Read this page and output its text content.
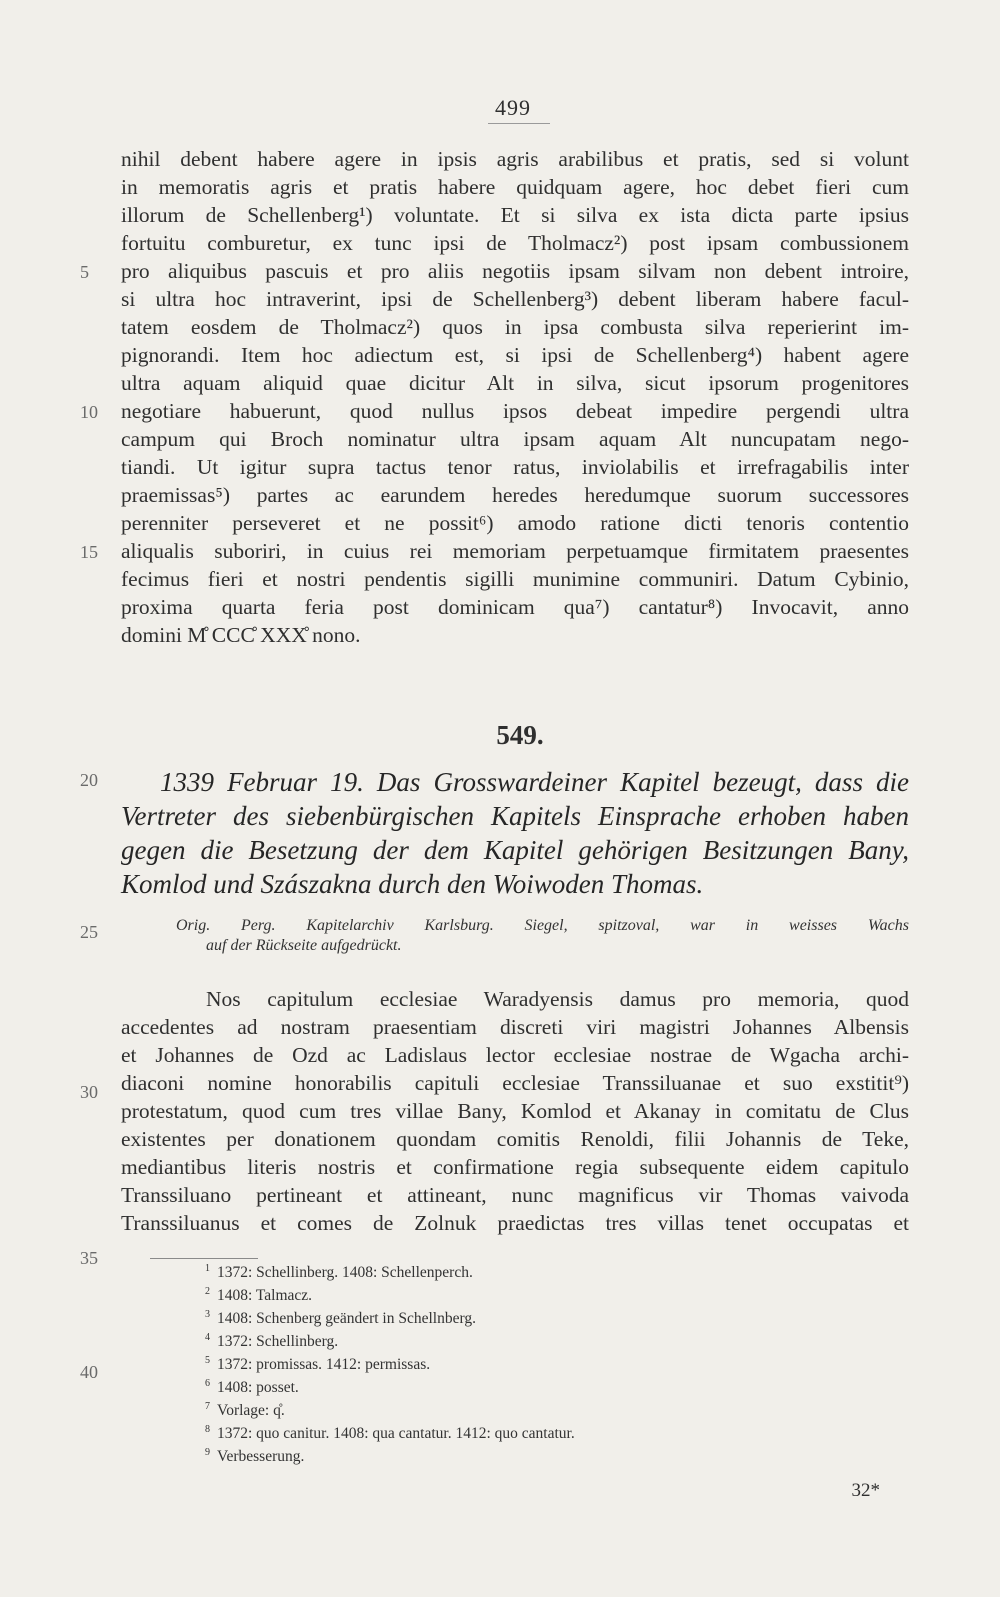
499
nihil debent habere agere in ipsis agris arabilibus et pratis, sed si volunt
in memoratis agris et pratis habere quidquam agere, hoc debet fieri cum
illorum de Schellenberg¹) voluntate. Et si silva ex ista dicta parte ipsius
fortuitu comburetur, ex tunc ipsi de Tholmacz²) post ipsam combussionem
pro aliquibus pascuis et pro aliis negotiis ipsam silvam non debent introire,
si ultra hoc intraverint, ipsi de Schellenberg³) debent liberam habere facul-
tatem eosdem de Tholmacz²) quos in ipsa combusta silva reperierint im-
pignorandi. Item hoc adiectum est, si ipsi de Schellenberg⁴) habent agere
ultra aquam aliquid quae dicitur Alt in silva, sicut ipsorum progenitores
negotiare habuerunt, quod nullus ipsos debeat impedire pergendi ultra
campum qui Broch nominatur ultra ipsam aquam Alt nuncupatam nego-
tiandi. Ut igitur supra tactus tenor ratus, inviolabilis et irrefragabilis inter
praemissas⁵) partes ac earundem heredes heredumque suorum successores
perenniter perseveret et ne possit⁶) amodo ratione dicti tenoris contentio
aliqualis suboriri, in cuius rei memoriam perpetuamque firmitatem praesentes
fecimus fieri et nostri pendentis sigilli munimine communiri. Datum Cybinio,
proxima quarta feria post dominicam qua⁷) cantatur⁸) Invocavit, anno
domini M̊ CCC̊ XXX̊ nono.
5
10
15
20
25
30
35
40
549.
1339 Februar 19. Das Grosswardeiner Kapitel bezeugt, dass die
Vertreter des siebenbürgischen Kapitels Einsprache erhoben haben
gegen die Besetzung der dem Kapitel gehörigen Besitzungen Bany,
Komlod und Szászakna durch den Woiwoden Thomas.
Orig. Perg. Kapitelarchiv Karlsburg. Siegel, spitzoval, war in weisses Wachs
auf der Rückseite aufgedrückt.
Nos capitulum ecclesiae Waradyensis damus pro memoria, quod
accedentes ad nostram praesentiam discreti viri magistri Johannes Albensis
et Johannes de Ozd ac Ladislaus lector ecclesiae nostrae de Wgacha archi-
diaconi nomine honorabilis capituli ecclesiae Transsiluanae et suo exstitit⁹)
protestatum, quod cum tres villae Bany, Komlod et Akanay in comitatu de Clus
existentes per donationem quondam comitis Renoldi, filii Johannis de Teke,
mediantibus literis nostris et confirmatione regia subsequente eidem capitulo
Transsiluano pertineant et attineant, nunc magnificus vir Thomas vaivoda
Transsiluanus et comes de Zolnuk praedictas tres villas tenet occupatas et
$^1$ 1372: Schellinberg. 1408: Schellenperch.
$^2$ 1408: Talmacz.
$^3$ 1408: Schenberg geändert in Schellnberg.
$^4$ 1372: Schellinberg.
$^5$ 1372: promissas. 1412: permissas.
$^6$ 1408: posset.
$^7$ Vorlage: q̊.
$^8$ 1372: quo canitur. 1408: qua cantatur. 1412: quo cantatur.
$^9$ Verbesserung.
32*
